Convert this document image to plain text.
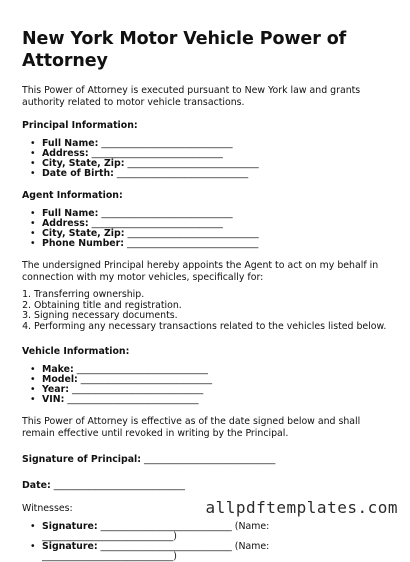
New York Motor Vehicle Power of Attorney

This Power of Attorney is executed pursuant to New York law and grants authority related to motor vehicle transactions.

Principal Information:
• Full Name: ____________________________
• Address: ____________________________
• City, State, Zip: ____________________________
• Date of Birth: ____________________________
Agent Information:
• Full Name: ____________________________
• Address: ____________________________
• City, State, Zip: ____________________________
• Phone Number: ____________________________

The undersigned Principal hereby appoints the Agent to act on my behalf in connection with my motor vehicles, specifically for:

1. Transferring ownership.
2. Obtaining title and registration.
3. Signing necessary documents.
4. Performing any necessary transactions related to the vehicles listed below.
Vehicle Information:
• Make: ____________________________
• Model: ____________________________
• Year: ____________________________
• VIN: ____________________________

This Power of Attorney is effective as of the date signed below and shall remain effective until revoked in writing by the Principal.

Signature of Principal: ____________________________
Date: ____________________________

Witnesses:

• Signature: ____________________________ (Name: ____________________________)
• Signature: ____________________________ (Name: ____________________________)
allpdftemplates.com
